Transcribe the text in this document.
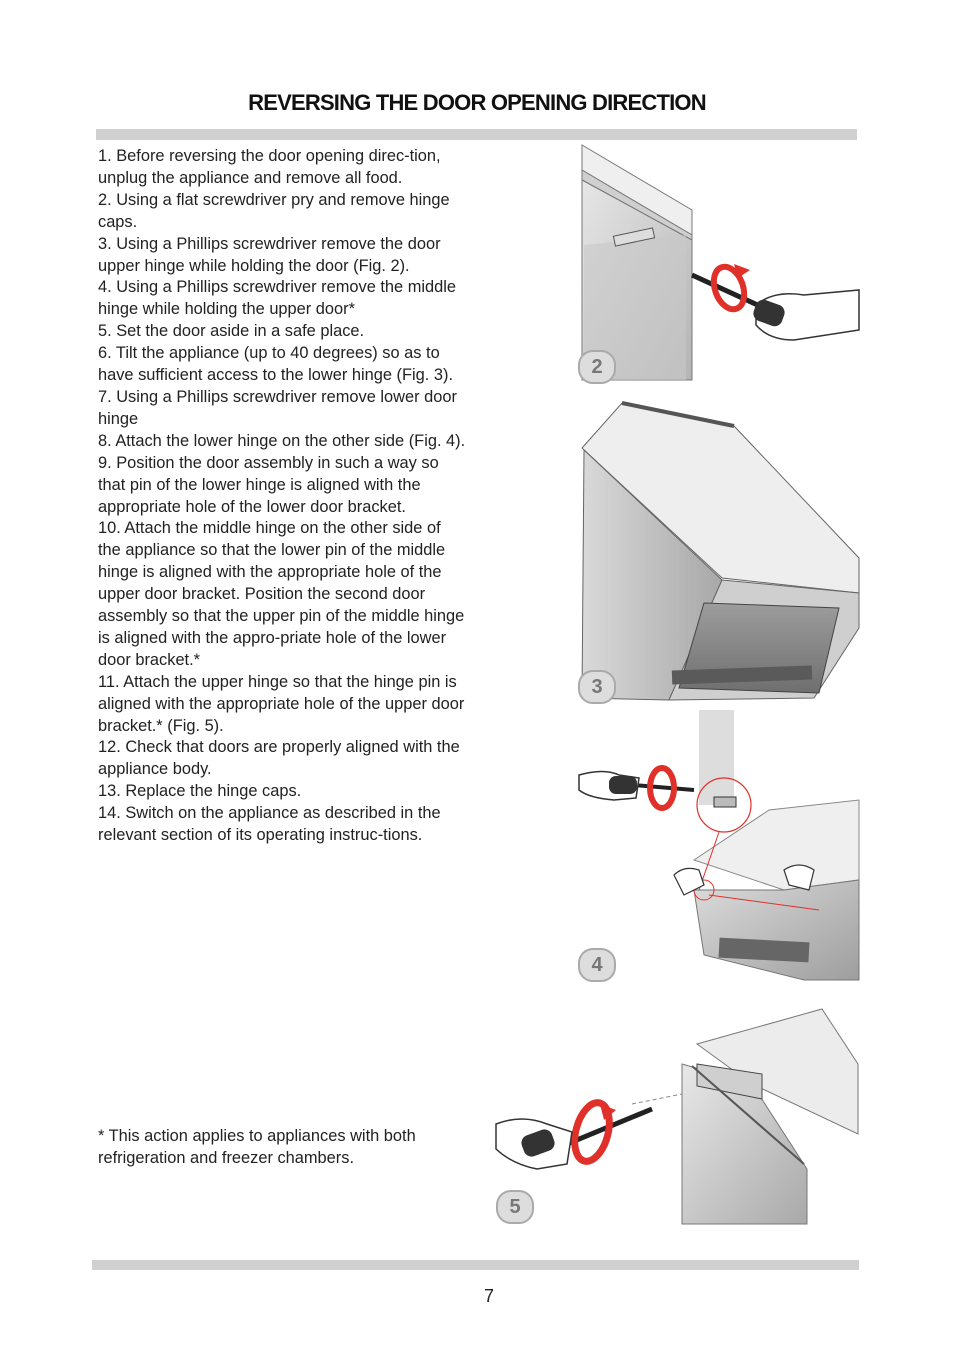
REVERSING THE DOOR OPENING DIRECTION

1. Before reversing the door opening direc-tion, unplug the appliance and remove all food.

2. Using a flat screwdriver pry and remove hinge caps.

3. Using a Phillips screwdriver remove the door upper hinge while holding the door (Fig. 2).

4. Using a Phillips screwdriver remove the middle hinge while holding the upper door*

5. Set the door aside in a safe place.

6. Tilt the appliance (up to 40 degrees) so as to have sufficient access to the lower hinge (Fig. 3).

7. Using a Phillips screwdriver remove lower door hinge

8. Attach the lower hinge on the other side (Fig. 4).

9. Position the door assembly in such a way so that pin of the lower hinge is aligned with the appropriate hole of the lower door bracket.

10. Attach the middle hinge on the other side of the appliance so that the lower pin of the middle hinge is aligned with the appropriate hole of the upper door bracket. Position the second door assembly so that the upper pin of the middle hinge is aligned with the appro-priate hole of the lower door bracket.*

11. Attach the upper hinge so that the hinge pin is aligned with the appropriate hole of the upper door bracket.* (Fig. 5).

12. Check that doors are properly aligned with the appliance body.

13. Replace the hinge caps.

14. Switch on the appliance as described in the relevant section of its operating instruc-tions.

* This action applies to appliances with both refrigeration and freezer chambers.

2
3
4
5
7
